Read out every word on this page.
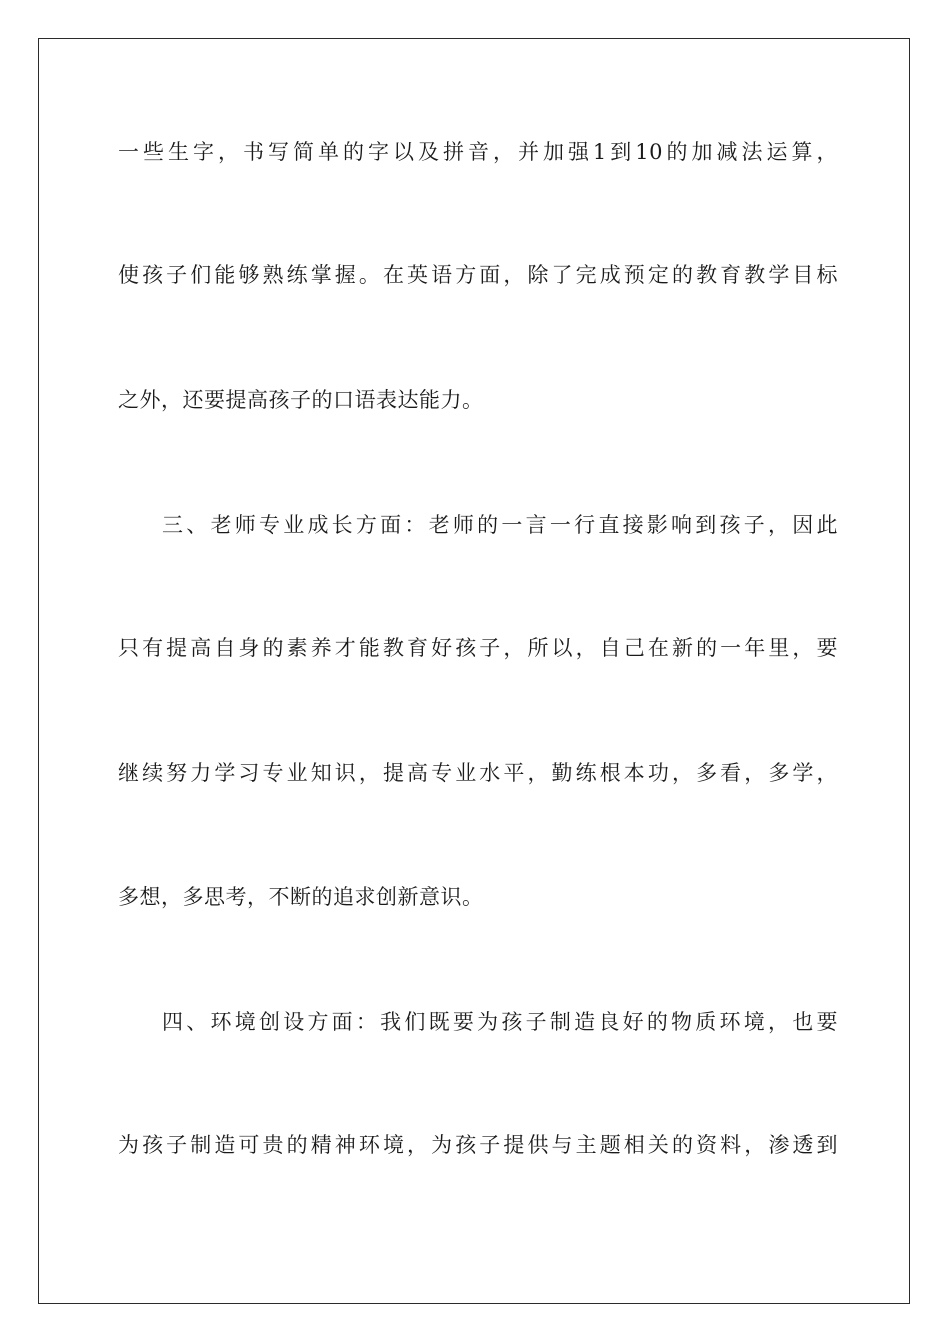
一些生字，书写简单的字以及拼音，并加强1到10的加减法运算，
使孩子们能够熟练掌握。在英语方面，除了完成预定的教育教学目标
之外，还要提高孩子的口语表达能力。
三、老师专业成长方面：老师的一言一行直接影响到孩子，因此
只有提高自身的素养才能教育好孩子，所以，自己在新的一年里，要
继续努力学习专业知识，提高专业水平，勤练根本功，多看，多学，
多想，多思考，不断的追求创新意识。
四、环境创设方面：我们既要为孩子制造良好的物质环境，也要
为孩子制造可贵的精神环境，为孩子提供与主题相关的资料，渗透到
